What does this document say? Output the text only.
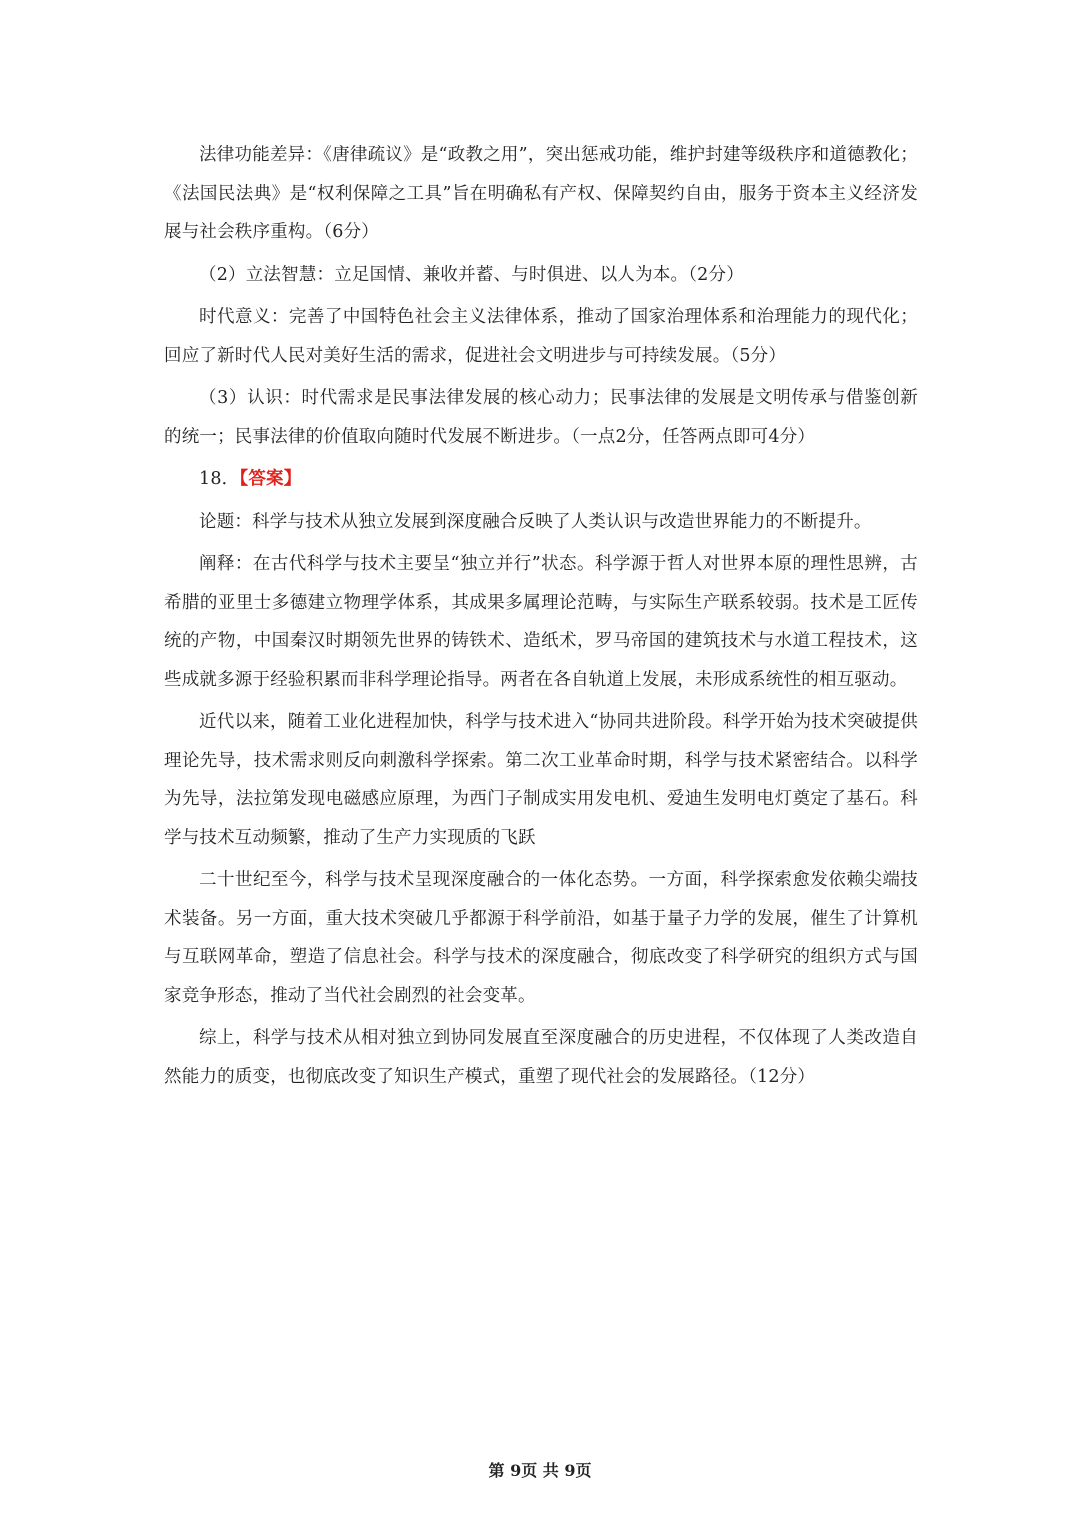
法律功能差异：《唐律疏议》是“政教之用”，突出惩戒功能，维护封建等级秩序和道德教化；《法国民法典》是“权利保障之工具”旨在明确私有产权、保障契约自由，服务于资本主义经济发展与社会秩序重构。（6分）

（2）立法智慧：立足国情、兼收并蓄、与时俱进、以人为本。（2分）

时代意义：完善了中国特色社会主义法律体系，推动了国家治理体系和治理能力的现代化；回应了新时代人民对美好生活的需求，促进社会文明进步与可持续发展。（5分）

（3）认识：时代需求是民事法律发展的核心动力；民事法律的发展是文明传承与借鉴创新的统一；民事法律的价值取向随时代发展不断进步。（一点2分，任答两点即可4分）

18．【答案】

论题：科学与技术从独立发展到深度融合反映了人类认识与改造世界能力的不断提升。

阐释：在古代科学与技术主要呈“独立并行”状态。科学源于哲人对世界本原的理性思辨，古希腊的亚里士多德建立物理学体系，其成果多属理论范畴，与实际生产联系较弱。技术是工匠传统的产物，中国秦汉时期领先世界的铸铁术、造纸术，罗马帝国的建筑技术与水道工程技术，这些成就多源于经验积累而非科学理论指导。两者在各自轨道上发展，未形成系统性的相互驱动。

近代以来，随着工业化进程加快，科学与技术进入“协同共进阶段。科学开始为技术突破提供理论先导，技术需求则反向刺激科学探索。第二次工业革命时期，科学与技术紧密结合。以科学为先导，法拉第发现电磁感应原理，为西门子制成实用发电机、爱迪生发明电灯奠定了基石。科学与技术互动频繁，推动了生产力实现质的飞跃

二十世纪至今，科学与技术呈现深度融合的一体化态势。一方面，科学探索愈发依赖尖端技术装备。另一方面，重大技术突破几乎都源于科学前沿，如基于量子力学的发展，催生了计算机与互联网革命，塑造了信息社会。科学与技术的深度融合，彻底改变了科学研究的组织方式与国家竞争形态，推动了当代社会剧烈的社会变革。

综上，科学与技术从相对独立到协同发展直至深度融合的历史进程，不仅体现了人类改造自然能力的质变，也彻底改变了知识生产模式，重塑了现代社会的发展路径。（12分）

第 9页 共 9页
